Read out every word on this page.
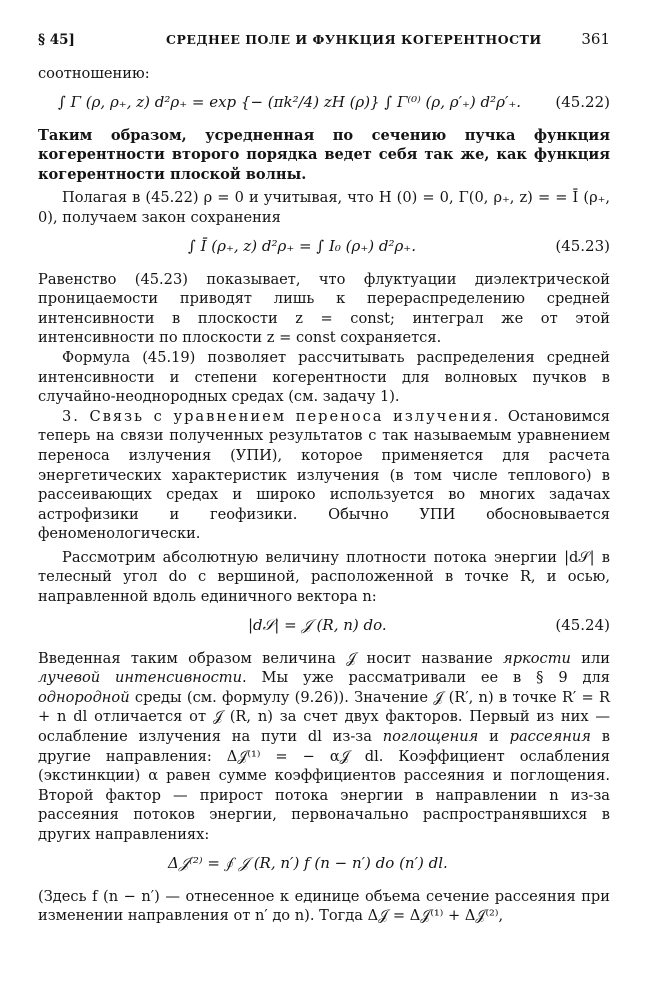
§ 45]	СРЕДНЕЕ ПОЛЕ И ФУНКЦИЯ КОГЕРЕНТНОСТИ	361

соотношению:

∫ Γ (ρ, ρ₊, z) d²ρ₊ = exp {− (πk²/4) zH (ρ)} ∫ Γ⁽⁰⁾ (ρ, ρ′₊) d²ρ′₊. (45.22)

Таким образом, усредненная по сечению пучка функция когерентности второго порядка ведет себя так же, как функция когерентности плоской волны.

Полагая в (45.22) ρ = 0 и учитывая, что H (0) = 0, Γ(0, ρ₊, z) = = Ī (ρ₊, 0), получаем закон сохранения

∫ Ī (ρ₊, z) d²ρ₊ = ∫ I₀ (ρ₊) d²ρ₊.	(45.23)

Равенство (45.23) показывает, что флуктуации диэлектрической проницаемости приводят лишь к перераспределению средней интенсивности в плоскости z = const; интеграл же от этой интенсивности по плоскости z = const сохраняется.

Формула (45.19) позволяет рассчитывать распределения средней интенсивности и степени когерентности для волновых пучков в случайно-неоднородных средах (см. задачу 1).

3. Связь с уравнением переноса излучения. Остановимся теперь на связи полученных результатов с так называемым уравнением переноса излучения (УПИ), которое применяется для расчета энергетических характеристик излучения (в том числе теплового) в рассеивающих средах и широко используется во многих задачах астрофизики и геофизики. Обычно УПИ обосновывается феноменологически.

Рассмотрим абсолютную величину плотности потока энергии |d𝒮| в телесный угол do с вершиной, расположенной в точке R, и осью, направленной вдоль единичного вектора n:

|d𝒮| = 𝒥 (R, n) do.	(45.24)

Введенная таким образом величина 𝒥 носит название яркости или лучевой интенсивности. Мы уже рассматривали ее в § 9 для однородной среды (см. формулу (9.26)). Значение 𝒥 (R′, n) в точке R′ = R + n dl отличается от 𝒥 (R, n) за счет двух факторов. Первый из них — ослабление излучения на пути dl из-за поглощения и рассеяния в другие направления: Δ𝒥⁽¹⁾ = − α𝒥 dl. Коэффициент ослабления (экстинкции) α равен сумме коэффициентов рассеяния и поглощения. Второй фактор — прирост потока энергии в направлении n из-за рассеяния потоков энергии, первоначально распространявшихся в других направлениях:

Δ𝒥⁽²⁾ = ∮ 𝒥 (R, n′) f (n − n′) do (n′) dl.

(Здесь f (n − n′) — отнесенное к единице объема сечение рассеяния при изменении направления от n′ до n). Тогда Δ𝒥 = Δ𝒥⁽¹⁾ + Δ𝒥⁽²⁾,
